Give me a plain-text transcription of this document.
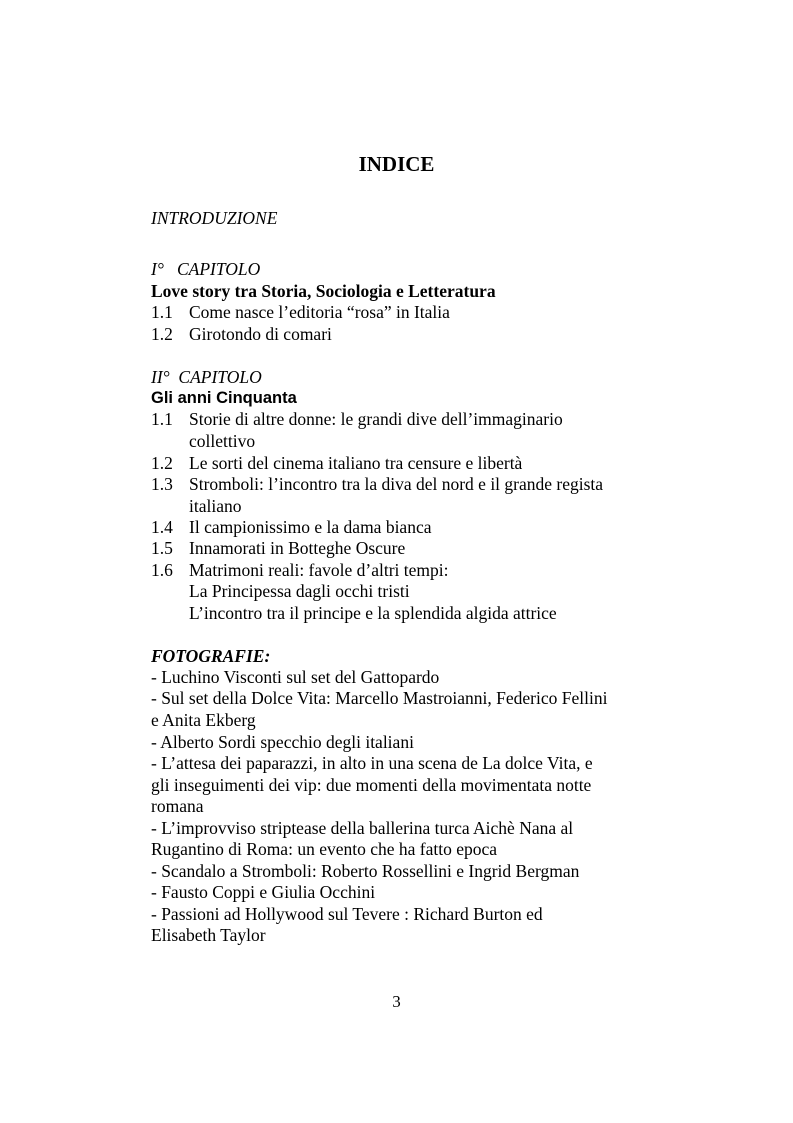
INDICE
INTRODUZIONE
I°   CAPITOLO
Love story tra Storia, Sociologia e Letteratura
1.1 Come nasce l’editoria “rosa” in Italia
1.2 Girotondo di comari
II°  CAPITOLO
Gli anni Cinquanta
1.1 Storie di altre donne: le grandi dive dell’immaginario
collettivo
1.2 Le sorti del cinema italiano tra censure e libertà
1.3 Stromboli: l’incontro tra la diva del nord e il grande regista
italiano
1.4 Il campionissimo e la dama bianca
1.5 Innamorati in Botteghe Oscure
1.6 Matrimoni reali: favole d’altri tempi:
La Principessa dagli occhi tristi
L’incontro tra il principe e la splendida algida attrice
FOTOGRAFIE:
- Luchino Visconti sul set del Gattopardo
- Sul set della Dolce Vita: Marcello Mastroianni, Federico Fellini
e Anita Ekberg
- Alberto Sordi specchio degli italiani
- L’attesa dei paparazzi, in alto in una scena de La dolce Vita, e
gli inseguimenti dei vip: due momenti della movimentata notte
romana
- L’improvviso striptease della ballerina turca Aichè Nana al
Rugantino di Roma: un evento che ha fatto epoca
- Scandalo a Stromboli: Roberto Rossellini e Ingrid Bergman
- Fausto Coppi e Giulia Occhini
- Passioni ad Hollywood sul Tevere : Richard Burton ed
Elisabeth Taylor
3
